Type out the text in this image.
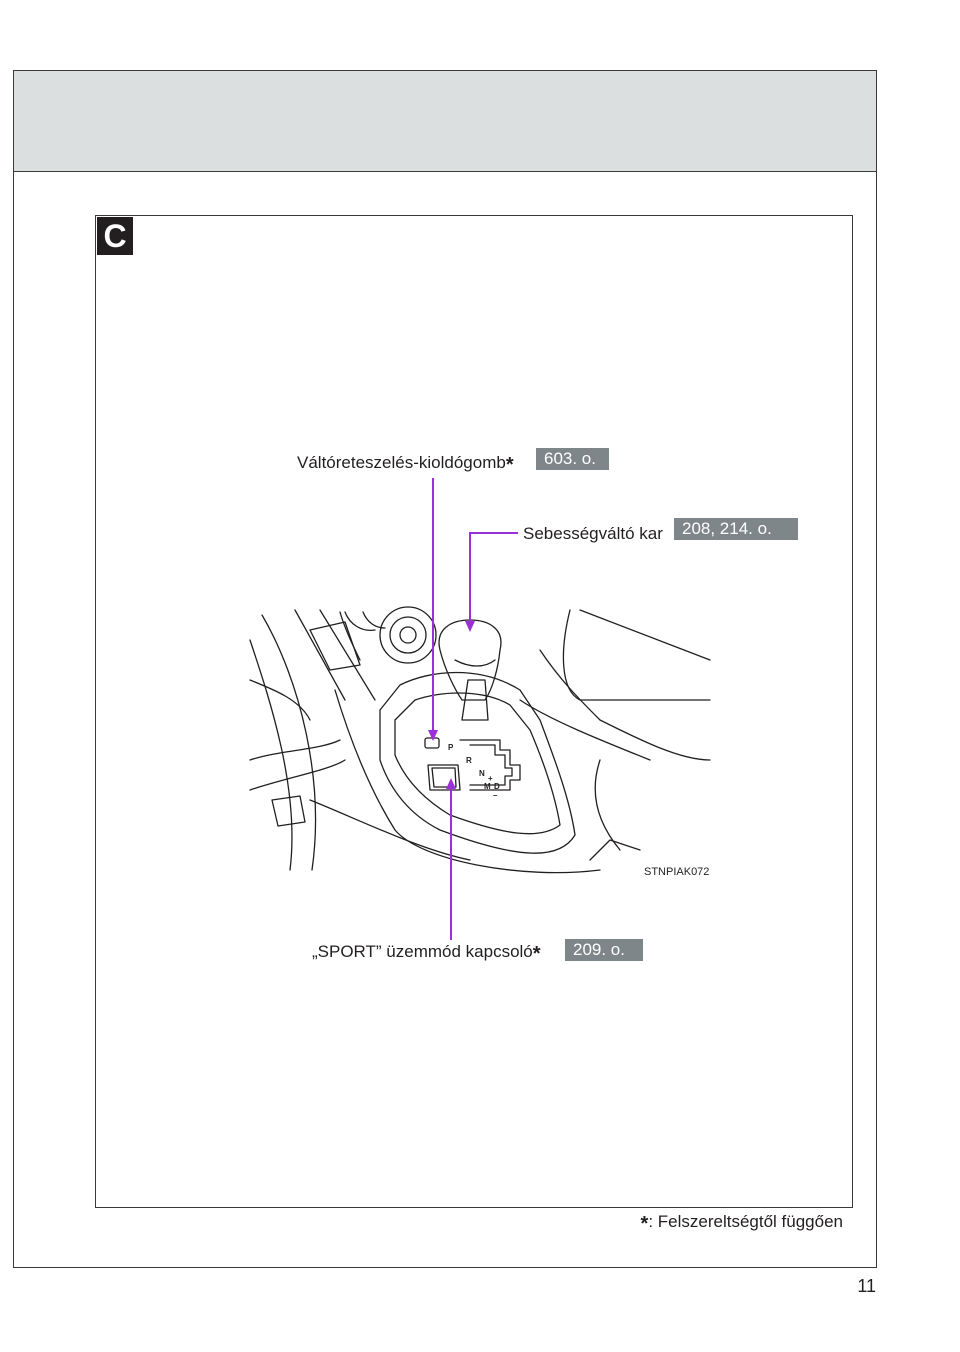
C
P
R
N
D
M
+
–
Váltóreteszelés-kioldógomb*	603. o.
Sebességváltó kar	208, 214. o.
STNPIAK072
„SPORT” üzemmód kapcsoló*	209. o.
*: Felszereltségtől függően
11
